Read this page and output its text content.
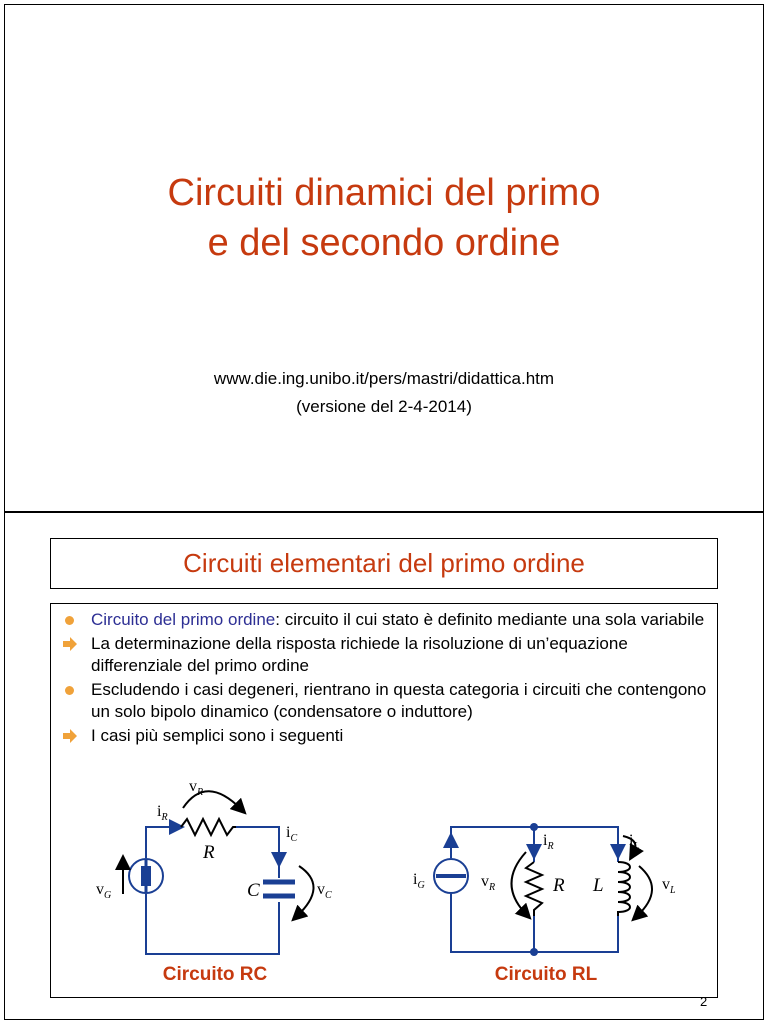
Circuiti dinamici del primo
e del secondo ordine
www.die.ing.unibo.it/pers/mastri/didattica.htm
(versione del 2-4-2014)
Circuiti elementari del primo ordine
Circuito del primo ordine: circuito il cui stato è definito mediante una sola variabile
La determinazione della risposta richiede la risoluzione di un’equazione differenziale del primo ordine
Escludendo i casi degeneri, rientrano in questa categoria i circuiti che contengono un solo bipolo dinamico (condensatore o induttore)
I casi più semplici sono i seguenti
$v_R$
$i_R$
R
$i_C$
C	$v_C$
$v_G$
Circuito RC
$i_G$	$v_R$
$i_R$
R L
$i_L$
$v_L$
Circuito RL
2
